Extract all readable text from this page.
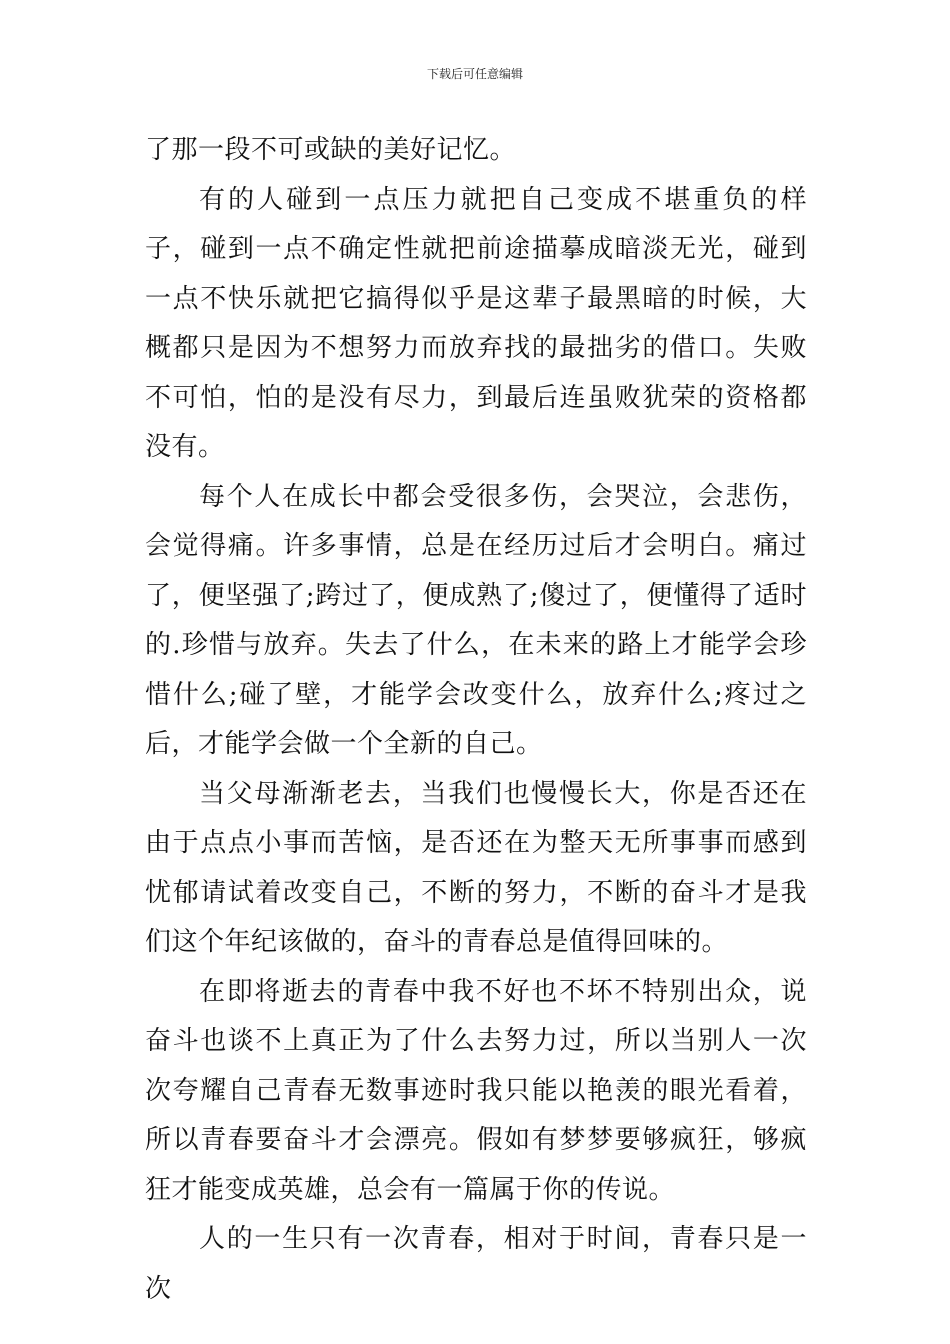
下载后可任意编辑

了那一段不可或缺的美好记忆。

有的人碰到一点压力就把自己变成不堪重负的样子，碰到一点不确定性就把前途描摹成暗淡无光，碰到一点不快乐就把它搞得似乎是这辈子最黑暗的时候，大概都只是因为不想努力而放弃找的最拙劣的借口。失败不可怕，怕的是没有尽力，到最后连虽败犹荣的资格都没有。

每个人在成长中都会受很多伤，会哭泣，会悲伤，会觉得痛。许多事情，总是在经历过后才会明白。痛过了，便坚强了;跨过了，便成熟了;傻过了，便懂得了适时的.珍惜与放弃。失去了什么，在未来的路上才能学会珍惜什么;碰了壁，才能学会改变什么，放弃什么;疼过之后，才能学会做一个全新的自己。

当父母渐渐老去，当我们也慢慢长大，你是否还在由于点点小事而苦恼，是否还在为整天无所事事而感到忧郁请试着改变自己，不断的努力，不断的奋斗才是我们这个年纪该做的，奋斗的青春总是值得回味的。

在即将逝去的青春中我不好也不坏不特别出众，说奋斗也谈不上真正为了什么去努力过，所以当别人一次次夸耀自己青春无数事迹时我只能以艳羡的眼光看着，所以青春要奋斗才会漂亮。假如有梦梦要够疯狂，够疯狂才能变成英雄，总会有一篇属于你的传说。

人的一生只有一次青春，相对于时间，青春只是一次
